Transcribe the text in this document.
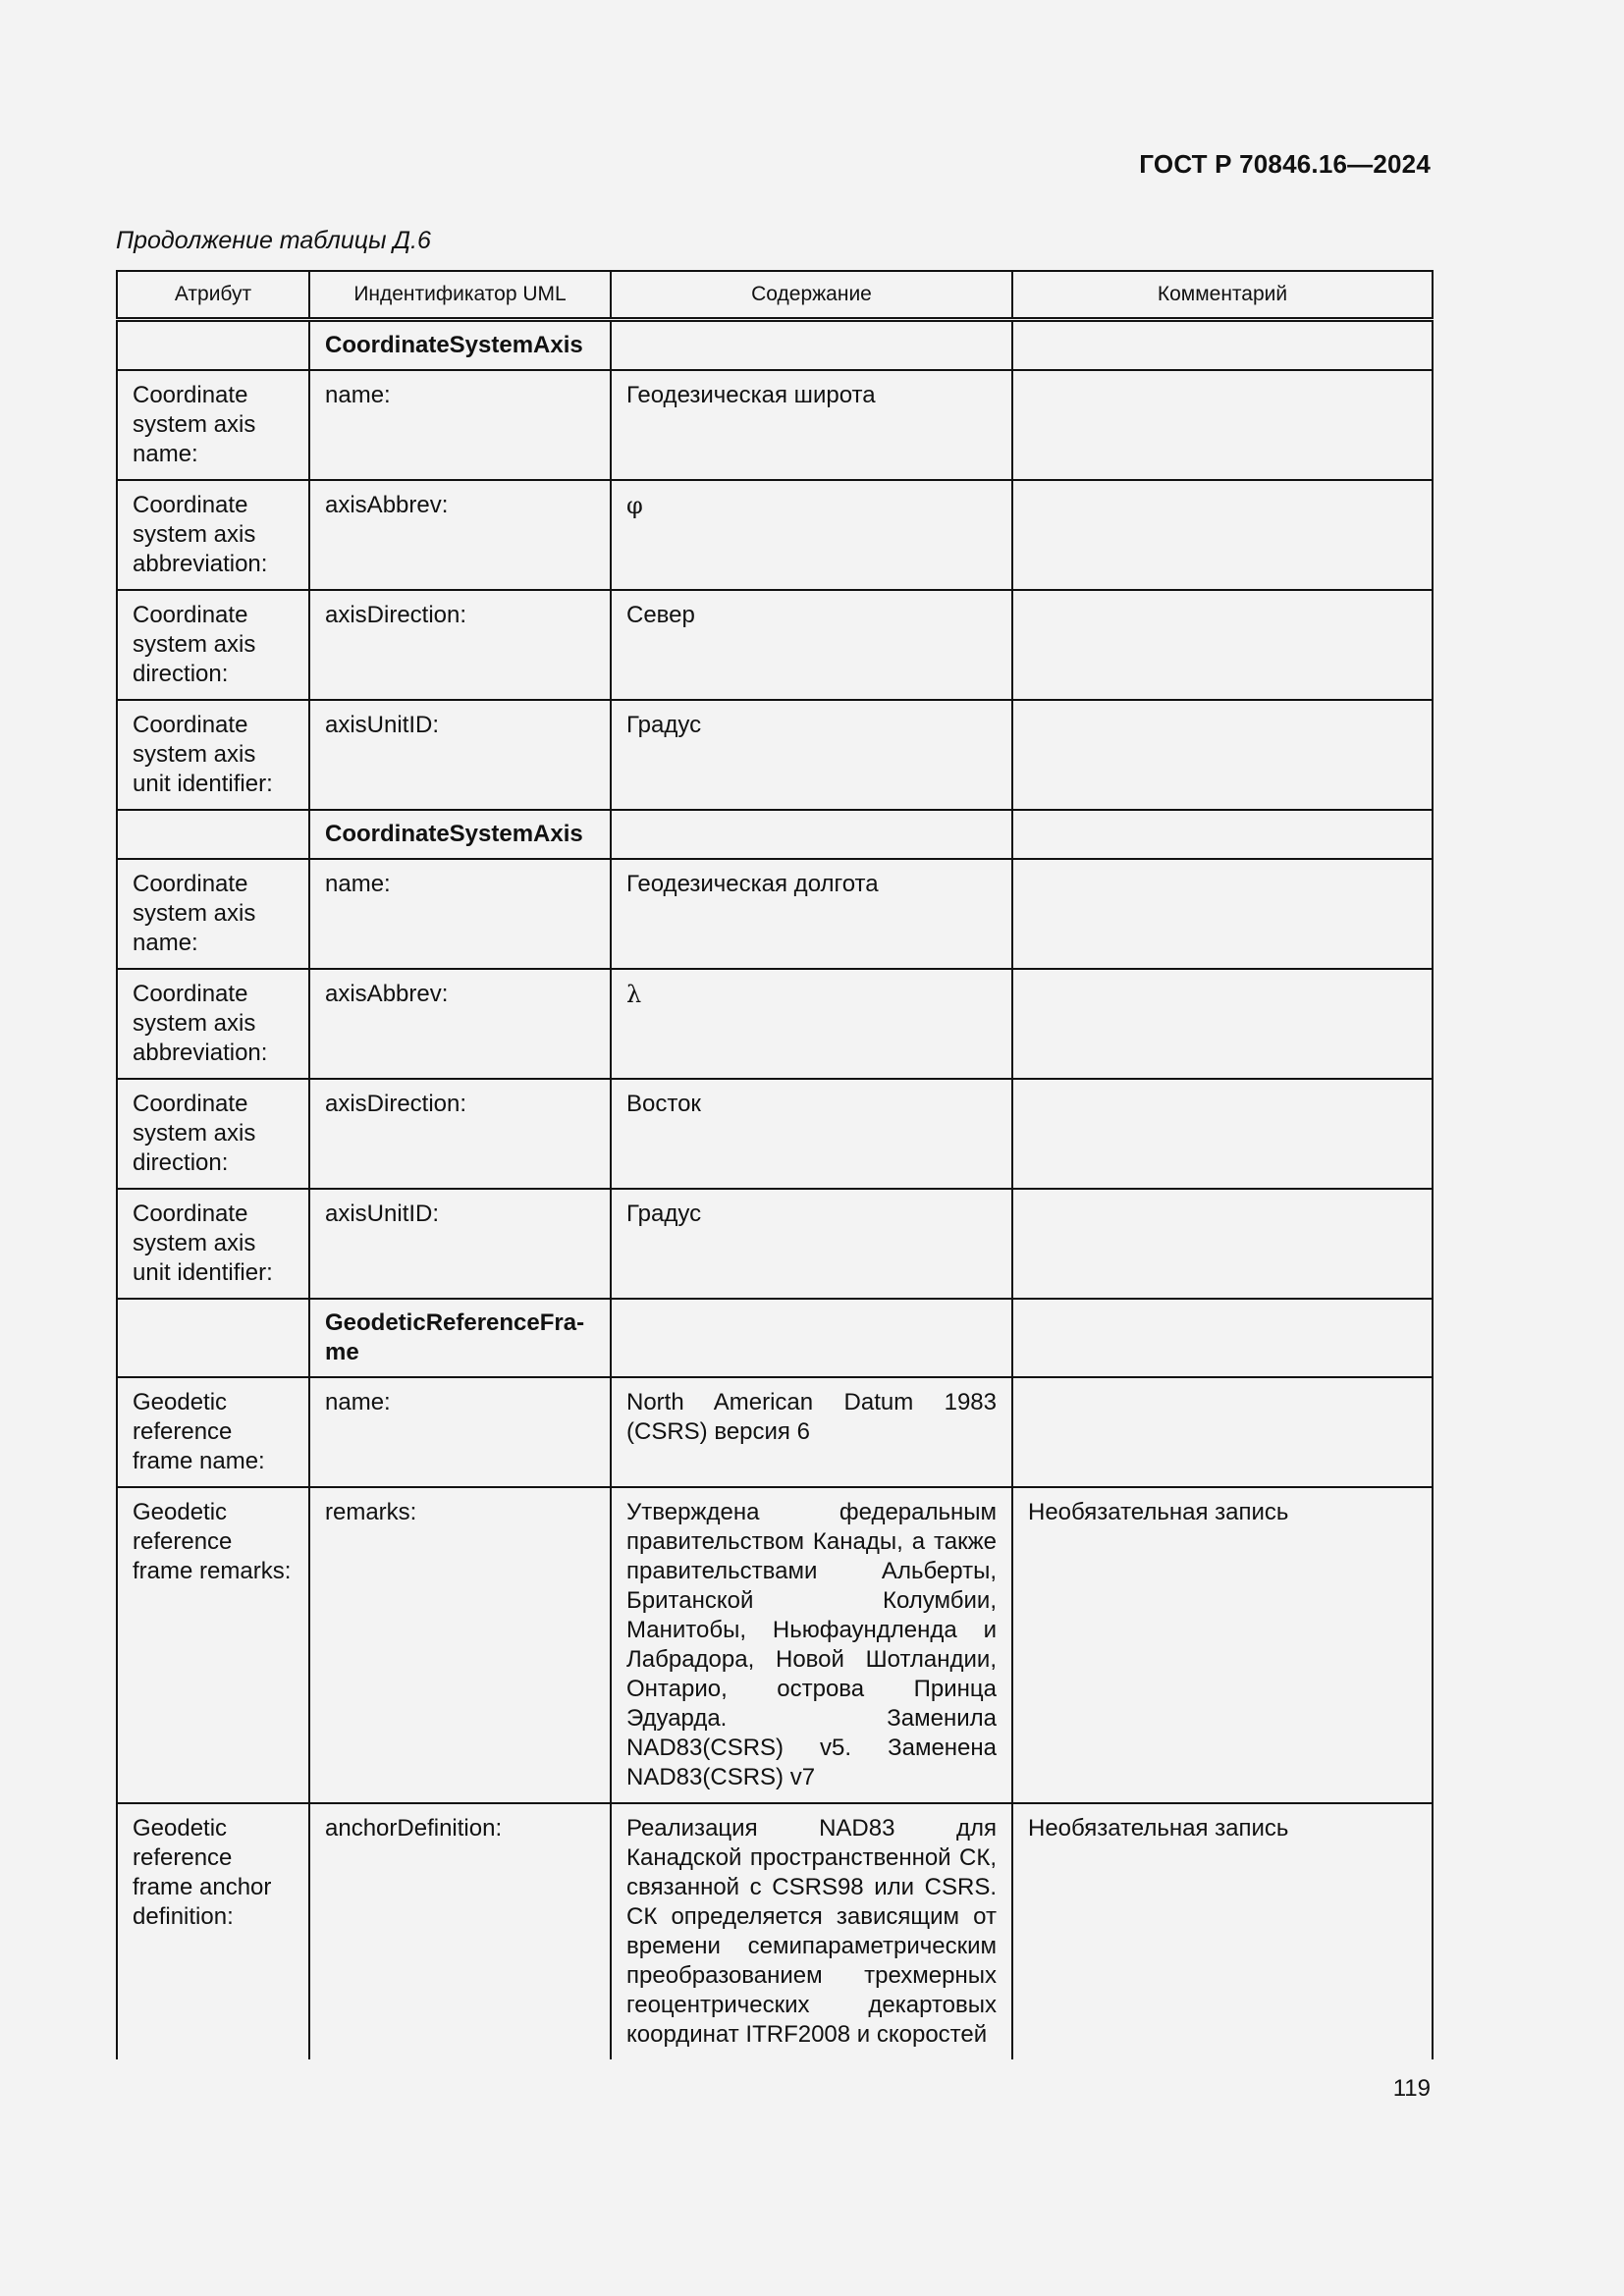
ГОСТ Р 70846.16—2024
Продолжение таблицы Д.6
Атрибут	Индентификатор UML	Содержание	Комментарий
	CoordinateSystemAxis		
Coordinate system axis name:	name:	Геодезическая широта	
Coordinate system axis abbreviation:	axisAbbrev:	φ	
Coordinate system axis direction:	axisDirection:	Север	
Coordinate system axis unit identifier:	axisUnitID:	Градус	
	CoordinateSystemAxis		
Coordinate system axis name:	name:	Геодезическая долгота	
Coordinate system axis abbreviation:	axisAbbrev:	λ	
Coordinate system axis direction:	axisDirection:	Восток	
Coordinate system axis unit identifier:	axisUnitID:	Градус	
	GeodeticReferenceFra-me		
Geodetic reference frame name:	name:	North American Datum 1983 (CSRS) версия 6	
Geodetic reference frame remarks:	remarks:	Утверждена федеральным правительством Канады, а также правительствами Альберты, Британской Колумбии, Манитобы, Ньюфаундленда и Лабрадора, Новой Шотландии, Онтарио, острова Принца Эдуарда. Заменила NAD83(CSRS) v5. Заменена NAD83(CSRS) v7	Необязательная запись
Geodetic reference frame anchor definition:	anchorDefinition:	Реализация NAD83 для Канадской пространственной СК, связанной с CSRS98 или CSRS. СК определяется зависящим от времени семипараметрическим преобразованием трехмерных геоцентрических декартовых координат ITRF2008 и скоростей	Необязательная запись
119
